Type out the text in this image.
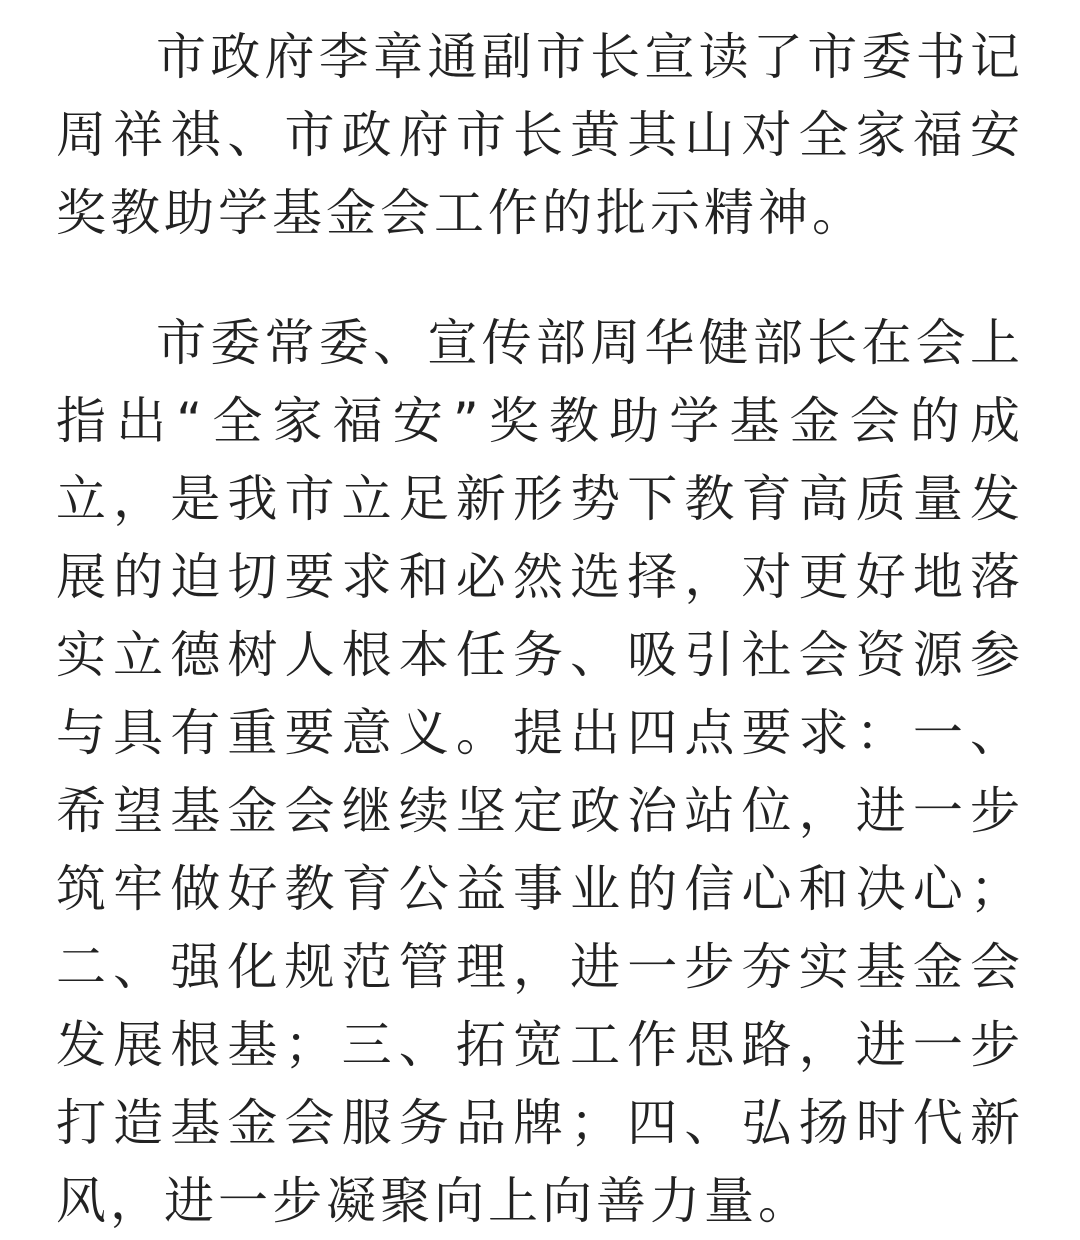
市政府李章通副市长宣读了市委书记周祥祺、市政府市长黄其山对全家福安奖教助学基金会工作的批示精神。

市委常委、宣传部周华健部长在会上指出“全家福安”奖教助学基金会的成立，是我市立足新形势下教育高质量发展的迫切要求和必然选择，对更好地落实立德树人根本任务、吸引社会资源参与具有重要意义。提出四点要求：一、希望基金会继续坚定政治站位，进一步筑牢做好教育公益事业的信心和决心；二、强化规范管理，进一步夯实基金会发展根基；三、拓宽工作思路，进一步打造基金会服务品牌；四、弘扬时代新风，进一步凝聚向上向善力量。
